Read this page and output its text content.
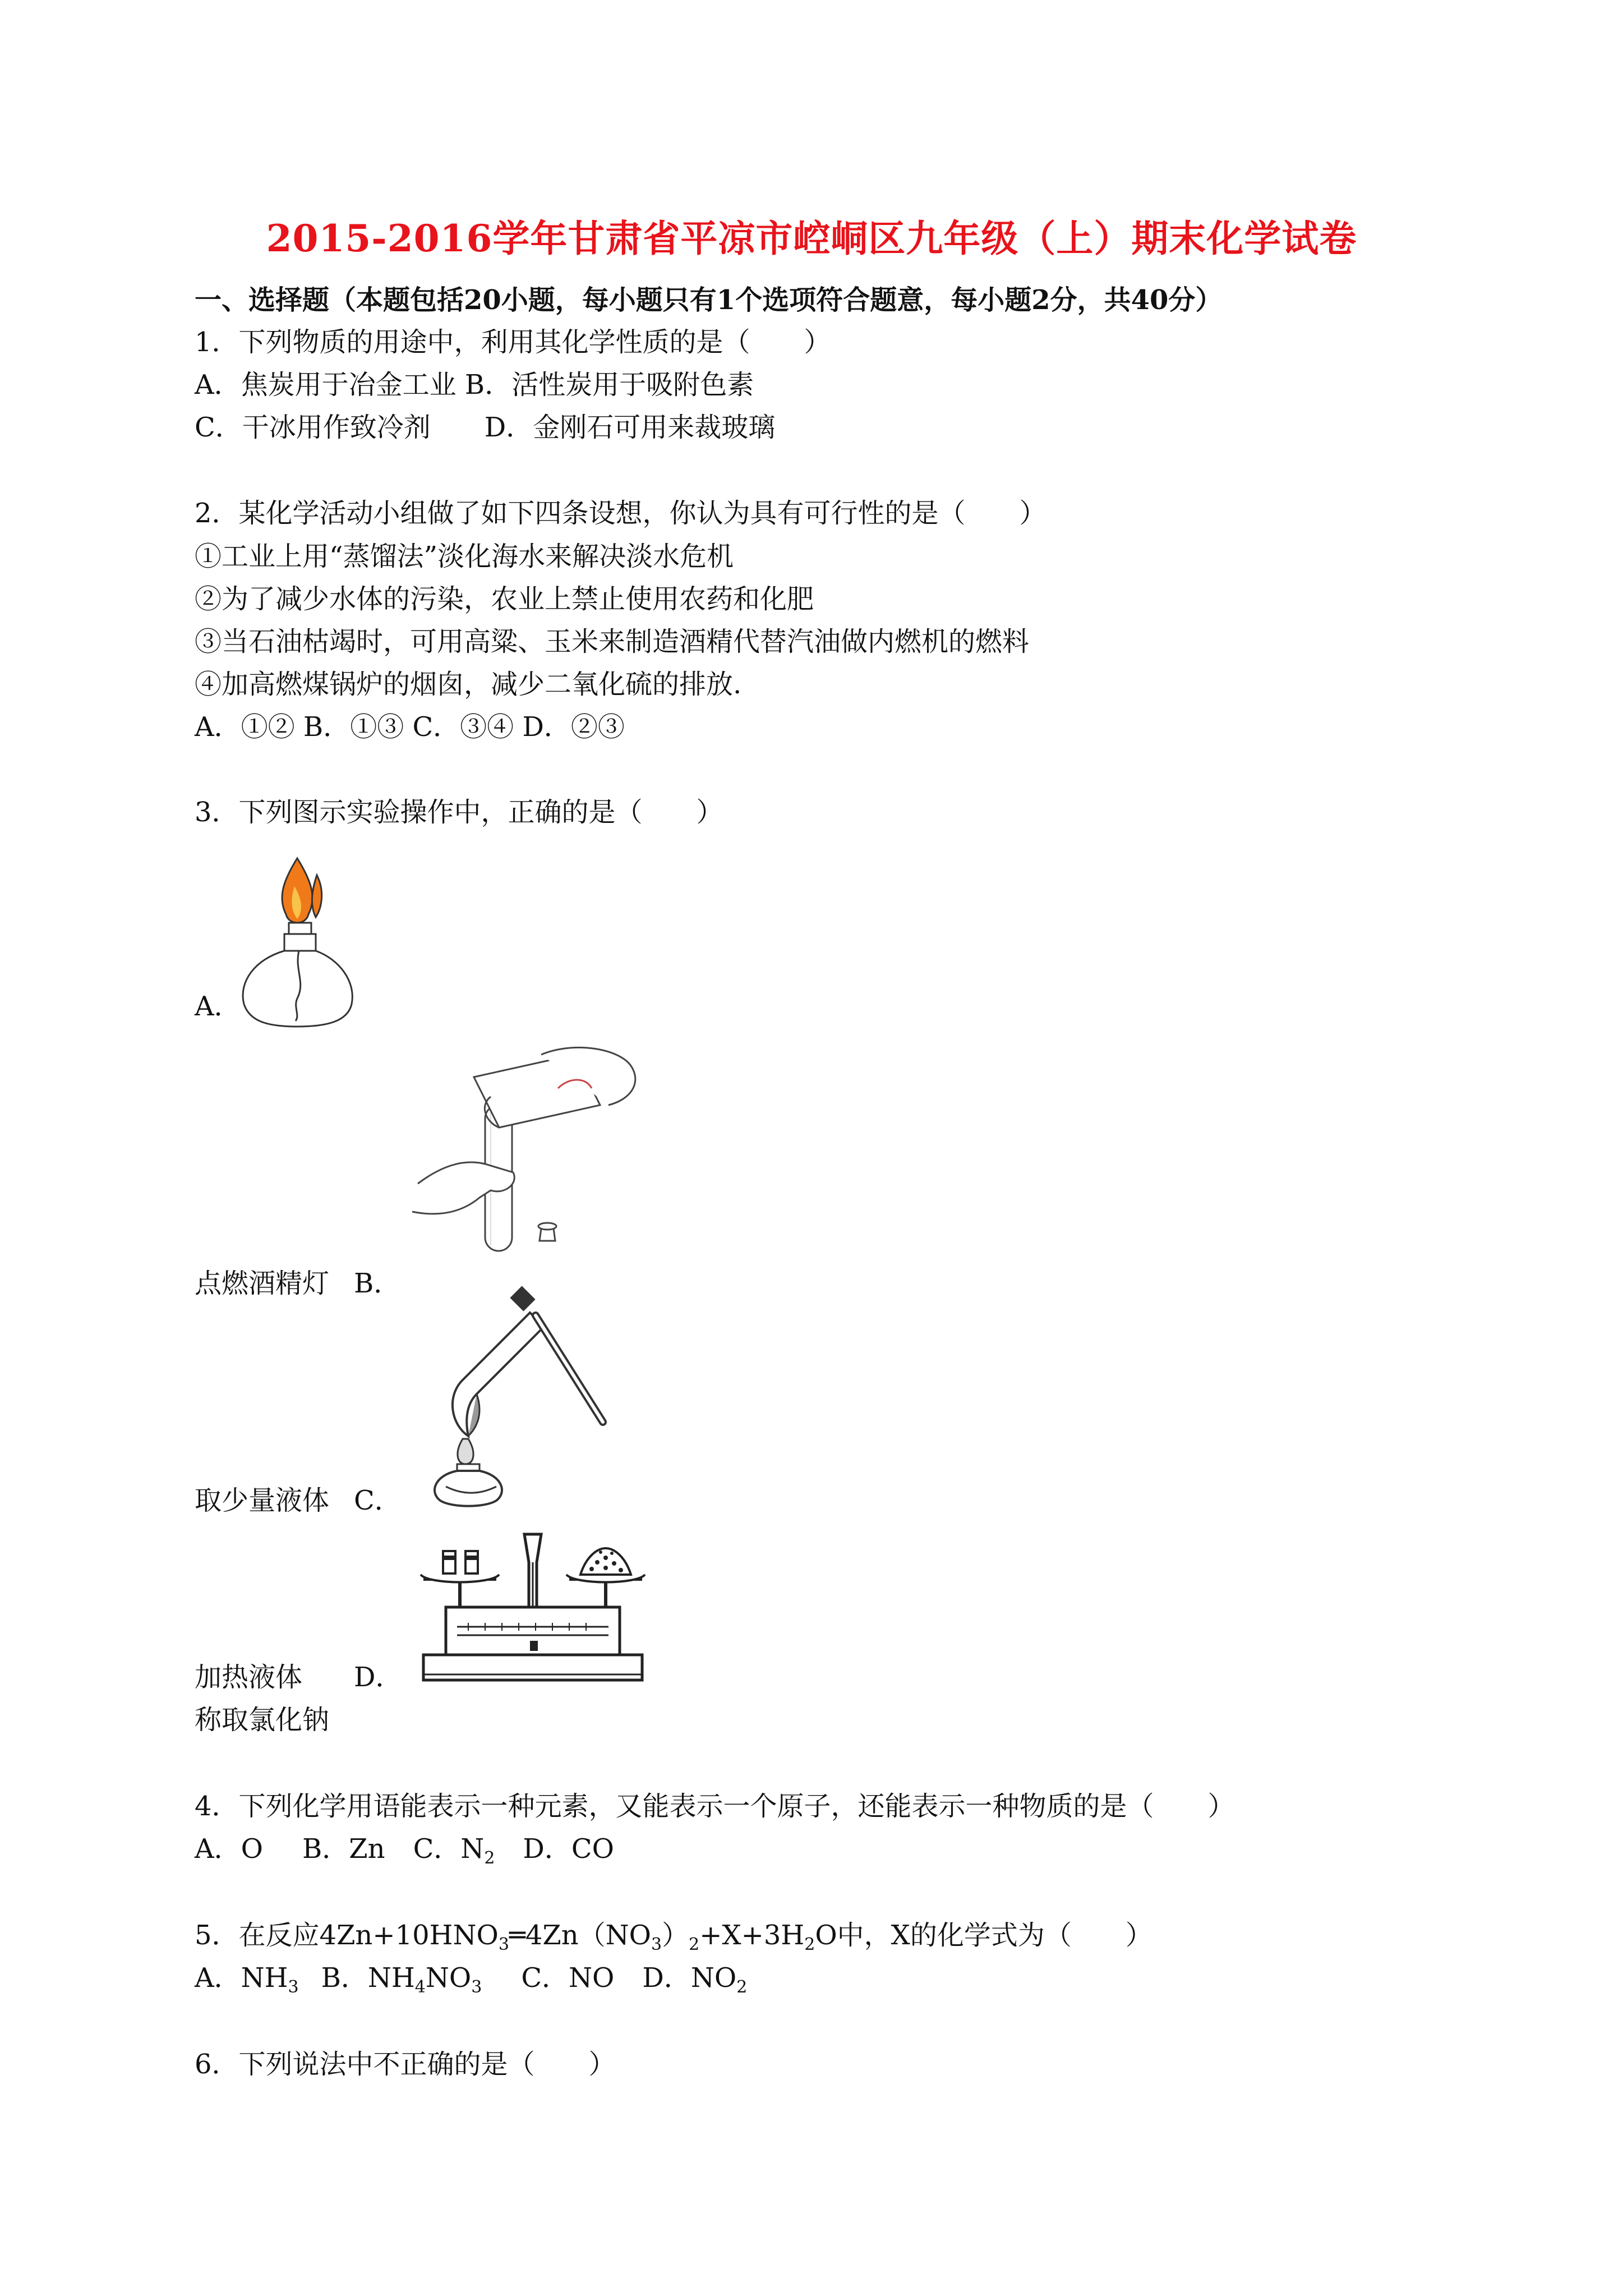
2015-2016学年甘肃省平凉市崆峒区九年级（上）期末化学试卷
一、选择题（本题包括20小题，每小题只有1个选项符合题意，每小题2分，共40分）
1．下列物质的用途中，利用其化学性质的是（　　）
A．焦炭用于冶金工业 B．活性炭用于吸附色素
C．干冰用作致冷剂　　D．金刚石可用来裁玻璃
2．某化学活动小组做了如下四条设想，你认为具有可行性的是（　　）
①工业上用“蒸馏法”淡化海水来解决淡水危机
②为了减少水体的污染，农业上禁止使用农药和化肥
③当石油枯竭时，可用高粱、玉米来制造酒精代替汽油做内燃机的燃料
④加高燃煤锅炉的烟囱，减少二氧化硫的排放.
A．①② B．①③ C．③④ D．②③
3．下列图示实验操作中，正确的是（　　）
A．
点燃酒精灯 B．
取少量液体 C．
加热液体 D．
称取氯化钠
4．下列化学用语能表示一种元素，又能表示一个原子，还能表示一种物质的是（　　）
A．O B．Zn C．$N_2$ D．CO
5．在反应$4Zn+10HNO_3═4Zn(NO_3)_2+X+3H_2O$中，X的化学式为（　　）
A．$NH_3$ B．$NH_4NO_3$ C．NO D．$NO_2$
6．下列说法中不正确的是（　　）
